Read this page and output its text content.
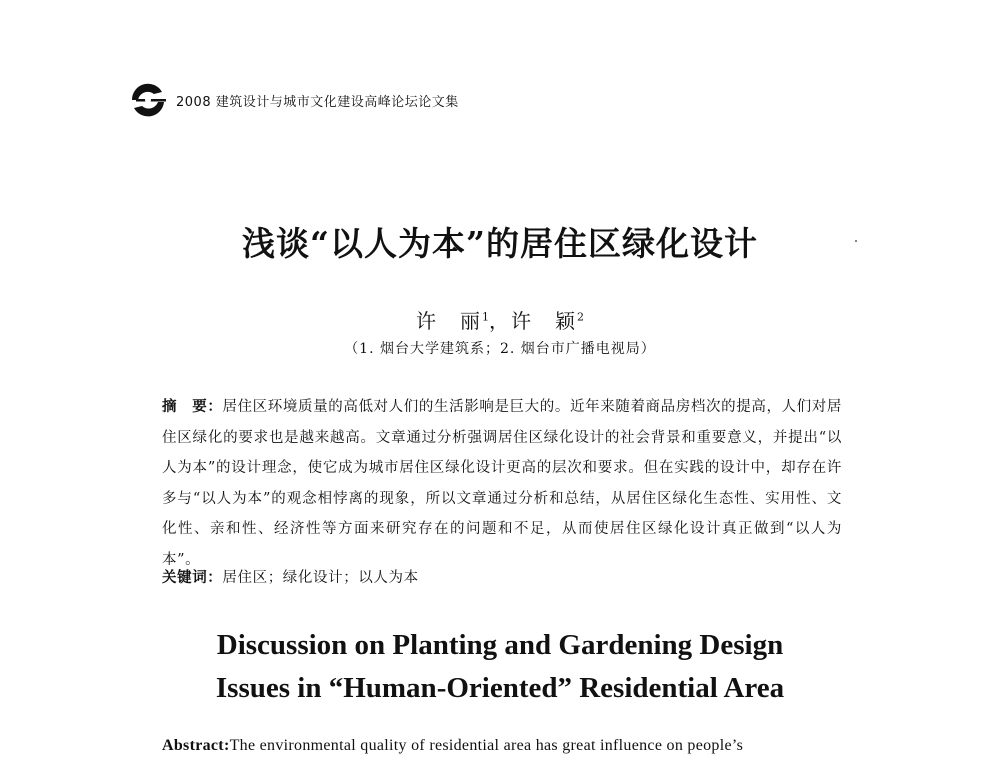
2008 建筑设计与城市文化建设高峰论坛论文集
浅谈“以人为本”的居住区绿化设计
许　丽$^1$，许　颖$^2$
（1. 烟台大学建筑系；2. 烟台市广播电视局）
摘　要：居住区环境质量的高低对人们的生活影响是巨大的。近年来随着商品房档次的提高，人们对居住区绿化的要求也是越来越高。文章通过分析强调居住区绿化设计的社会背景和重要意义，并提出“以人为本”的设计理念，使它成为城市居住区绿化设计更高的层次和要求。但在实践的设计中，却存在许多与“以人为本”的观念相悖离的现象，所以文章通过分析和总结，从居住区绿化生态性、实用性、文化性、亲和性、经济性等方面来研究存在的问题和不足，从而使居住区绿化设计真正做到“以人为本”。
关键词：居住区；绿化设计；以人为本
Discussion on Planting and Gardening Design
Issues in “Human-Oriented” Residential Area
Abstract:The environmental quality of residential area has great influence on people’s
